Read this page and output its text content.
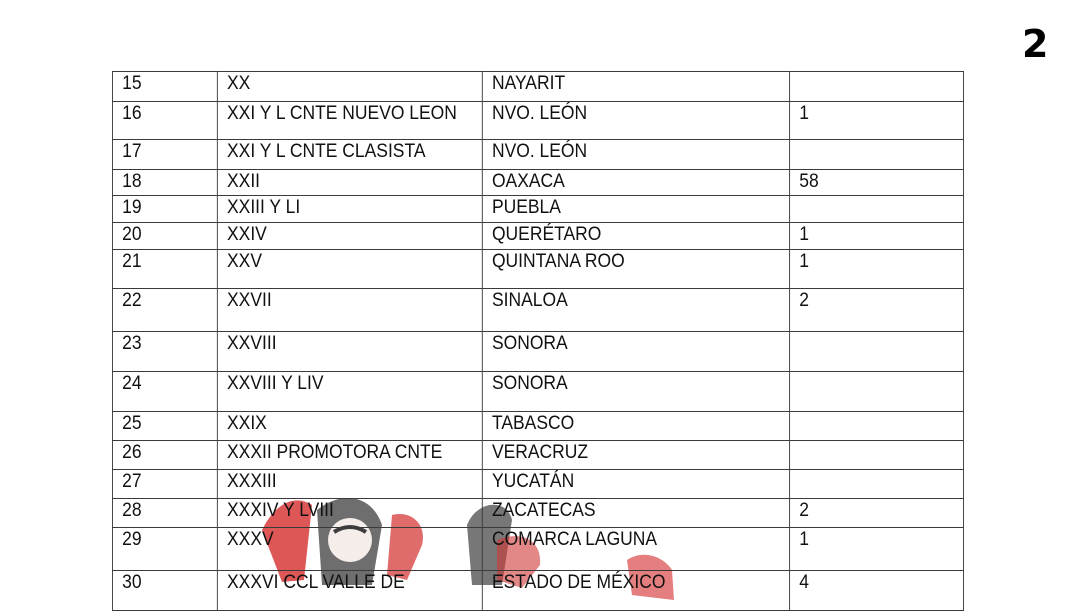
2
15	XX	NAYARIT	
16	XXI Y L CNTE NUEVO LEON	NVO. LEÓN	1
17	XXI Y L CNTE CLASISTA	NVO. LEÓN	
18	XXII	OAXACA	58
19	XXIII Y LI	PUEBLA	
20	XXIV	QUERÉTARO	1
21	XXV	QUINTANA ROO	1
22	XXVII	SINALOA	2
23	XXVIII	SONORA	
24	XXVIII Y LIV	SONORA	
25	XXIX	TABASCO	
26	XXXII PROMOTORA CNTE	VERACRUZ	
27	XXXIII	YUCATÁN	
28	XXXIV Y LVIII	ZACATECAS	2
29	XXXV	COMARCA LAGUNA	1
30	XXXVI CCL VALLE DE	ESTADO DE MÉXICO	4
